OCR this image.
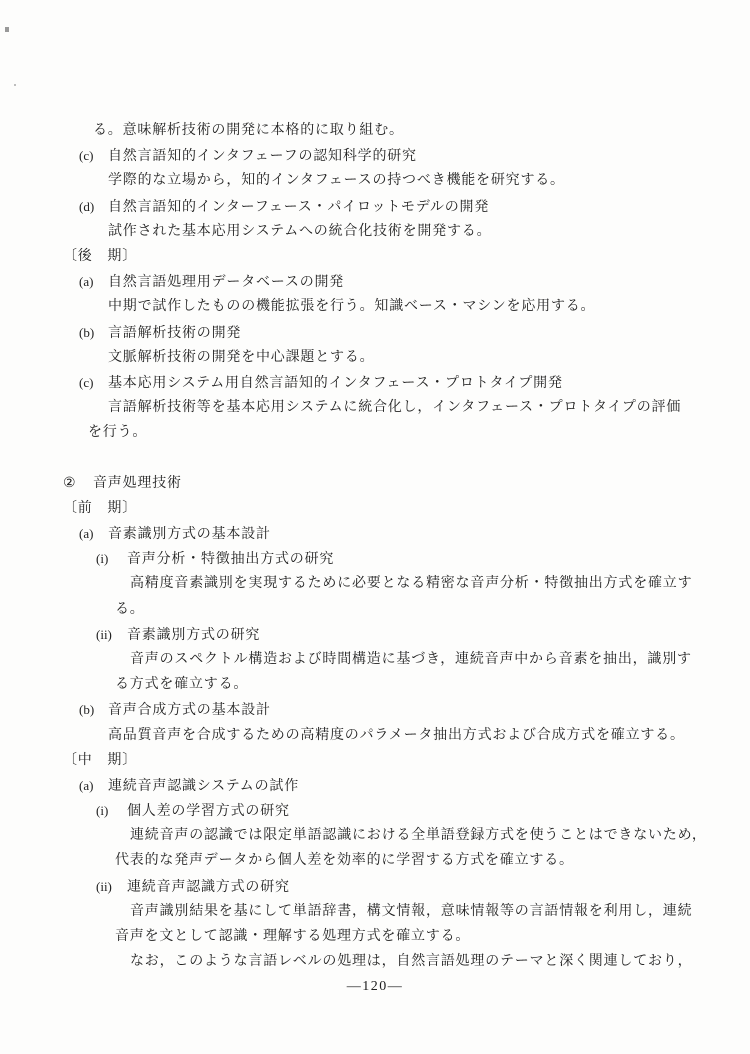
る。意味解析技術の開発に本格的に取り組む。
(c) 自然言語知的インタフェーフの認知科学的研究
学際的な立場から，知的インタフェースの持つべき機能を研究する。
(d) 自然言語知的インターフェース・パイロットモデルの開発
試作された基本応用システムへの統合化技術を開発する。
〔後　期〕
(a) 自然言語処理用データベースの開発
中期で試作したものの機能拡張を行う。知識ベース・マシンを応用する。
(b) 言語解析技術の開発
文脈解析技術の開発を中心課題とする。
(c) 基本応用システム用自然言語知的インタフェース・プロトタイプ開発
言語解析技術等を基本応用システムに統合化し，インタフェース・プロトタイプの評価
を行う。
② 音声処理技術
〔前　期〕
(a) 音素識別方式の基本設計
(i) 音声分析・特徴抽出方式の研究
高精度音素識別を実現するために必要となる精密な音声分析・特徴抽出方式を確立す
る。
(ii) 音素識別方式の研究
音声のスペクトル構造および時間構造に基づき，連続音声中から音素を抽出，識別す
る方式を確立する。
(b) 音声合成方式の基本設計
高品質音声を合成するための高精度のパラメータ抽出方式および合成方式を確立する。
〔中　期〕
(a) 連続音声認識システムの試作
(i) 個人差の学習方式の研究
連続音声の認識では限定単語認識における全単語登録方式を使うことはできないため，
代表的な発声データから個人差を効率的に学習する方式を確立する。
(ii) 連続音声認識方式の研究
音声識別結果を基にして単語辞書，構文情報，意味情報等の言語情報を利用し，連続
音声を文として認識・理解する処理方式を確立する。
なお，このような言語レベルの処理は，自然言語処理のテーマと深く関連しており，
—120—
